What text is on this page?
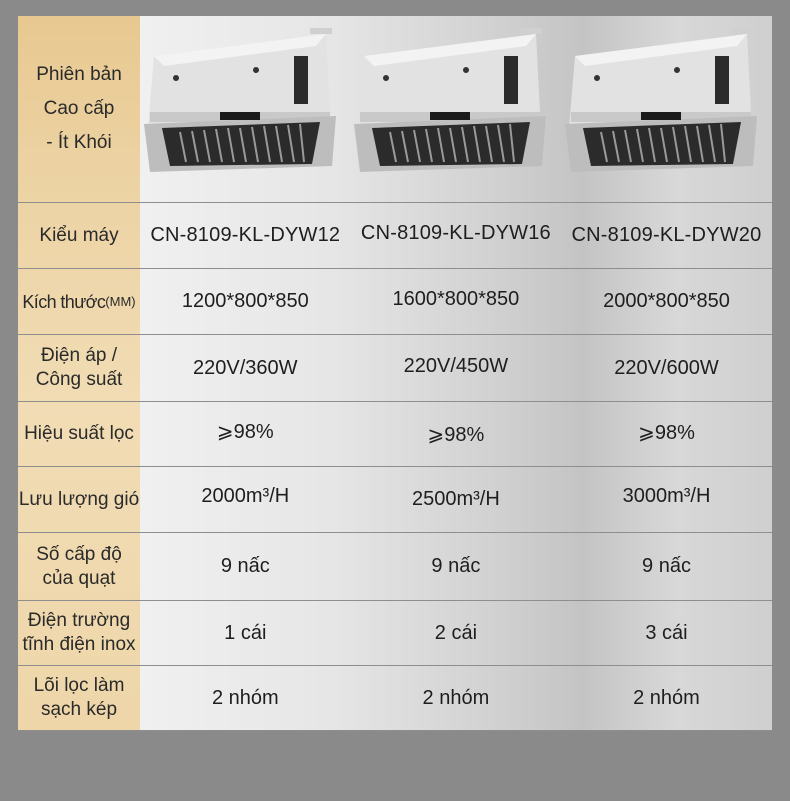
Phiên bản
Cao cấp
- Ít Khói
Kiểu máy	CN-8109-KL-DYW12	CN-8109-KL-DYW16	CN-8109-KL-DYW20
Kích thước (MM)	1200*800*850	1600*800*850	2000*800*850
Điện áp /
Công suất
220V/360W	220V/450W	220V/600W
Hiệu suất lọc	⩾98%	⩾98%	⩾98%
Lưu lượng gió	2000m³/H	2500m³/H	3000m³/H
Số cấp độ
của quạt
9 nấc	9 nấc	9 nấc
Điện trường
tĩnh điện inox
1 cái	2 cái	3 cái
Lõi lọc làm
sạch kép
2 nhóm	2 nhóm	2 nhóm
